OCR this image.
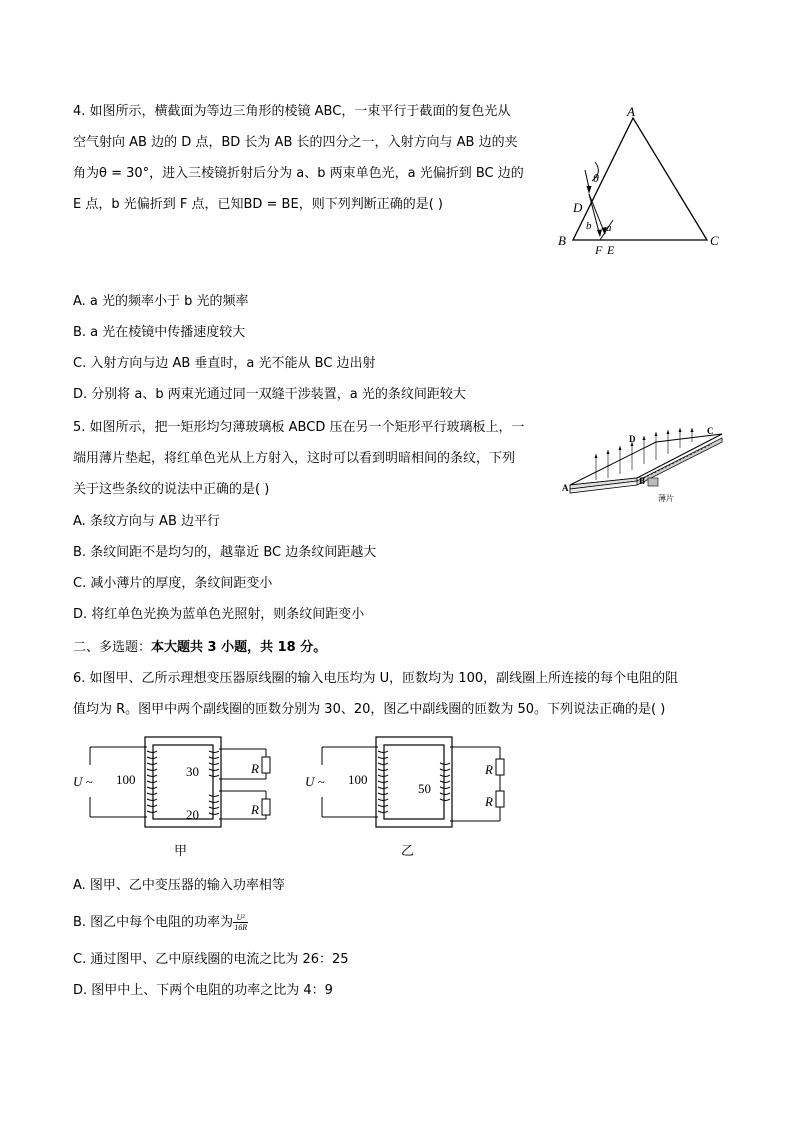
4. 如图所示，横截面为等边三角形的棱镜 ABC，一束平行于截面的复色光从
空气射向 AB 边的 D 点，BD 长为 AB 长的四分之一，入射方向与 AB 边的夹
角为θ = 30°，进入三棱镜折射后分为 a、b 两束单色光，a 光偏折到 BC 边的
E 点，b 光偏折到 F 点，已知BD = BE，则下列判断正确的是( )
A
B	C
D
θ
b a
F E
A. a 光的频率小于 b 光的频率
B. a 光在棱镜中传播速度较大
C. 入射方向与边 AB 垂直时，a 光不能从 BC 边出射
D. 分别将 a、b 两束光通过同一双缝干涉装置，a 光的条纹间距较大
5. 如图所示，把一矩形均匀薄玻璃板 ABCD 压在另一个矩形平行玻璃板上，一
端用薄片垫起，将红单色光从上方射入，这时可以看到明暗相间的条纹，下列
关于这些条纹的说法中正确的是( )	A
B
C
D
薄片
A. 条纹方向与 AB 边平行
B. 条纹间距不是均匀的，越靠近 BC 边条纹间距越大
C. 减小薄片的厚度，条纹间距变小
D. 将红单色光换为蓝单色光照射，则条纹间距变小
二、多选题：本大题共 3 小题，共 18 分。
6. 如图甲、乙所示理想变压器原线圈的输入电压均为 U，匝数均为 100，副线圈上所连接的每个电阻的阻
值均为 R。图甲中两个副线圈的匝数分别为 30、20，图乙中副线圈的匝数为 50。下列说法正确的是( )
U ~ 100
30
20
R
R
甲
U ~ 100
50
R
R
乙
A. 图甲、乙中变压器的输入功率相等
B. 图乙中每个电阻的功率为 $\frac{\text{U²}}{16R}$
C. 通过图甲、乙中原线圈的电流之比为 26：25
D. 图甲中上、下两个电阻的功率之比为 4：9
